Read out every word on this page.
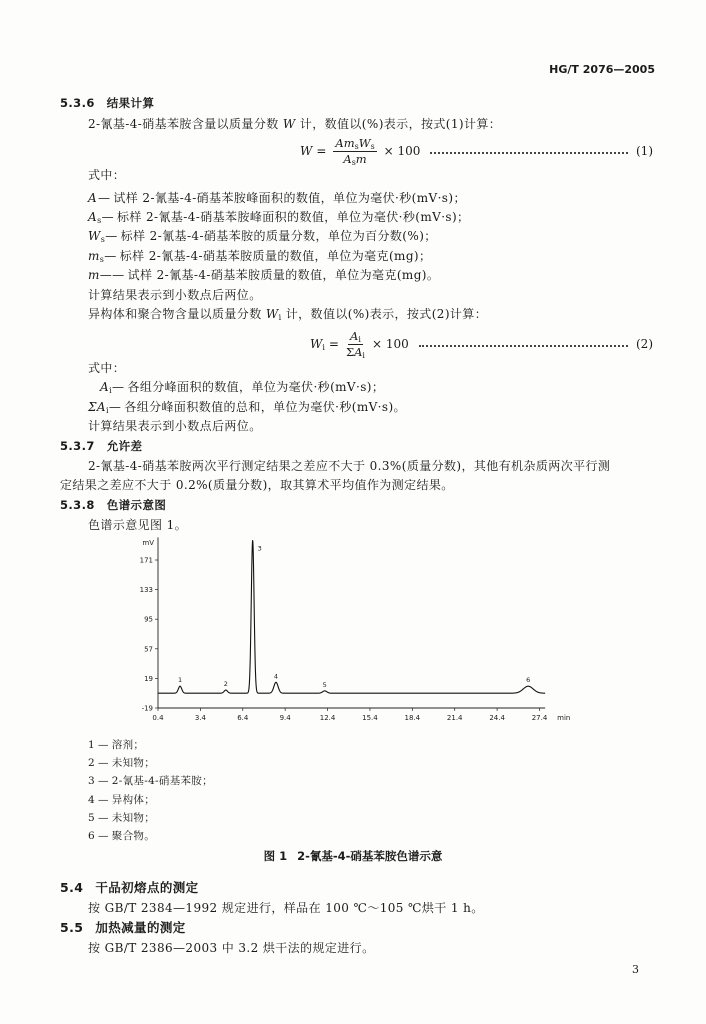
HG/T 2076—2005
5.3.6 结果计算
2-氰基-4-硝基苯胺含量以质量分数 W 计，数值以(%)表示，按式(1)计算：
$W = \frac{Am_sW_s}{A_sm} \times 100$	(1)
式中：
A— 试样 2-氰基-4-硝基苯胺峰面积的数值，单位为毫伏·秒(mV·s)；
$A_s—$ 标样 2-氰基-4-硝基苯胺峰面积的数值，单位为毫伏·秒(mV·s)；
$W_s—$ 标样 2-氰基-4-硝基苯胺的质量分数，单位为百分数(%)；
$m_s—$ 标样 2-氰基-4-硝基苯胺质量的数值，单位为毫克(mg)；
m—— 试样 2-氰基-4-硝基苯胺质量的数值，单位为毫克(mg)。
计算结果表示到小数点后两位。
异构体和聚合物含量以质量分数 $W_i$ 计，数值以(%)表示，按式(2)计算：
$W_i = \frac{A_i}{\Sigma A_i} \times 100$	(2)
式中：
$A_i—$ 各组分峰面积的数值，单位为毫伏·秒(mV·s)；
$\Sigma A_i—$ 各组分峰面积数值的总和，单位为毫伏·秒(mV·s)。
计算结果表示到小数点后两位。
5.3.7 允许差
2-氰基-4-硝基苯胺两次平行测定结果之差应不大于 0.3%(质量分数)，其他有机杂质两次平行测
定结果之差应不大于 0.2%(质量分数)，取其算术平均值作为测定结果。
5.3.8 色谱示意图
色谱示意见图 1。
171
133
95
57
19
-19
0.4	3.4	6.4	9.4	12.4	15.4	18.4	21.4	24.4	27.4
mV
min
1	2
3
4
5
6
1 — 溶剂；
2 — 未知物；
3 — 2-氰基-4-硝基苯胺；
4 — 异构体；
5 — 未知物；
6 — 聚合物。
图 1 2-氰基-4-硝基苯胺色谱示意
5.4 干品初熔点的测定
按 GB/T 2384—1992 规定进行，样品在 100 ℃～105 ℃烘干 1 h。
5.5 加热减量的测定
按 GB/T 2386—2003 中 3.2 烘干法的规定进行。
3
